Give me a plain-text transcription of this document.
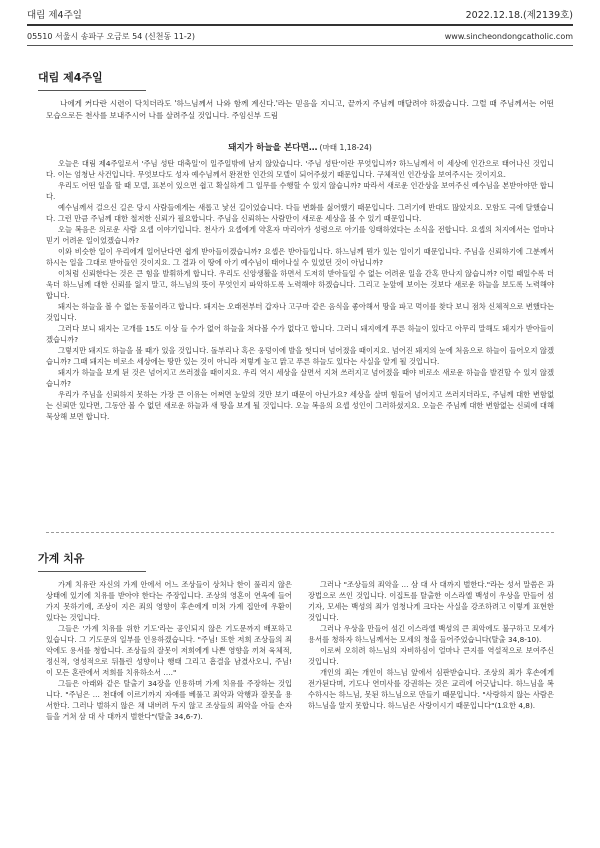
대림 제4주일	2022.12.18.(제2139호)
05510 서울시 송파구 오금로 54 (신천동 11-2)	www.sincheondongcatholic.com
대림 제4주일

나에게 커다란 시련이 닥치더라도 '하느님께서 나와 함께 계신다.'라는 믿음을 지니고, 끝까지 주님께 매달려야 하겠습니다. 그럴 때 주님께서는 어떤 모습으로든 천사를 보내주시어 나를 살려주실 것입니다. 주임신부 드림

돼지가 하늘을 본다면… (마태 1,18-24)

오늘은 대림 제4주일로서 '주님 성탄 대축일'이 일주일밖에 남지 않았습니다. '주님 성탄'이란 무엇입니까? 하느님께서 이 세상에 인간으로 태어나신 것입니다. 이는 엄청난 사건입니다. 무엇보다도 성자 예수님께서 완전한 인간의 모델이 되어주셨기 때문입니다. 구체적인 인간상을 보여주시는 것이지요.

우리도 어떤 일을 할 때 모델, 표본이 있으면 쉽고 확실하게 그 일무를 수행할 수 있지 않습니까? 따라서 새로운 인간상을 보여주신 예수님을 본받아야만 합니다.

예수님께서 걸으신 길은 당시 사람들에게는 새롭고 낯선 길이었습니다. 다들 변화를 싫어했기 때문입니다. 그러기에 반대도 많았지요. 모함도 극에 달했습니다. 그런 만큼 주님께 대한 철저한 신뢰가 필요합니다. 주님을 신뢰하는 사람만이 새로운 세상을 볼 수 있기 때문입니다.

오늘 복음은 의로운 사람 요셉 이야기입니다. 천사가 요셉에게 약혼자 마리아가 성령으로 아기를 잉태하였다는 소식을 전합니다. 요셉의 처지에서는 얼마나 믿기 어려운 일이었겠습니까?

이와 비슷한 일이 우리에게 일어난다면 쉽게 받아들이겠습니까? 요셉은 받아들입니다. 하느님께 뭔가 있는 일이기 때문입니다. 주님을 신뢰하기에 그분께서 하시는 일을 그대로 받아들인 것이지요. 그 결과 이 땅에 아기 예수님이 태어나실 수 있었던 것이 아닙니까?

이처럼 신뢰한다는 것은 큰 힘을 발휘하게 합니다. 우리도 신앙생활을 하면서 도저히 받아들일 수 없는 어려운 일을 간혹 만나지 않습니까? 이럴 때일수록 더욱더 하느님께 대한 신뢰를 잃지 말고, 하느님의 뜻이 무엇인지 파악하도록 노력해야 하겠습니다. 그리고 눈앞에 보이는 것보다 새로운 하늘을 보도록 노력해야 합니다.

돼지는 하늘을 볼 수 없는 동물이라고 합니다. 돼지는 오래전부터 갑자나 고구마 같은 음식을 좋아해서 땅을 파고 먹이를 찾다 보니 점차 신체적으로 변했다는 것입니다.

그러다 보니 돼지는 고개를 15도 이상 들 수가 없어 하늘을 쳐다볼 수가 없다고 합니다. 그러니 돼지에게 푸른 하늘이 있다고 아무리 말해도 돼지가 받아들이겠습니까?

그렇지만 돼지도 하늘을 볼 때가 있을 것입니다. 돌부리나 혹은 웅덩이에 발을 헛디뎌 넘어졌을 때이지요. 넘어진 돼지의 눈에 처음으로 하늘이 들어오지 않겠습니까? 그때 돼지는 비로소 세상에는 땅만 있는 것이 아니라 저렇게 높고 맑고 푸른 하늘도 있다는 사실을 알게 될 것입니다.

돼지가 하늘을 보게 된 것은 넘어지고 쓰러졌을 때이지요. 우리 역시 세상을 살면서 지쳐 쓰러지고 넘어졌을 때야 비로소 새로운 하늘을 발견할 수 있지 않겠습니까?

우리가 주님을 신뢰하지 못하는 가장 큰 이유는 어쩌면 눈앞의 것만 보기 때문이 아닌가요? 세상을 살며 힘들어 넘어지고 쓰러지더라도, 주님께 대한 변함없는 신뢰만 있다면, 그동안 볼 수 없던 새로운 하늘과 새 땅을 보게 될 것입니다. 오늘 복음의 요셉 성인이 그러하셨지요. 오늘은 주님께 대한 변함없는 신뢰에 대해 묵상해 보면 합니다.

가계 치유

가계 치유란 자신의 가계 안에서 어느 조상들이 상처나 한이 풀리지 않은 상태에 있기에 치유를 받아야 한다는 주장입니다. 조상의 영혼이 연옥에 들어가지 못하기에, 조상이 지은 죄의 영향이 후손에게 미쳐 가계 집안에 우환이 있다는 것입니다.

그들은 '가계 치유를 위한 기도'라는 공인되지 않은 기도문까지 배포하고 있습니다. 그 기도문의 일부를 인용하겠습니다. "주님! 또한 저희 조상들의 죄악에도 용서를 청합니다. 조상들의 잘못이 저희에게 나쁜 영향을 끼쳐 육체적, 정신적, 영성적으로 뒤틀린 성향이나 행태 그리고 흠결을 남겼사오니, 주님! 이 모든 혼란에서 저희를 치유하소서 …."

그들은 아래와 같은 탈출기 34장을 인용하며 가계 치유를 주장하는 것입니다. "주님은 … 천대에 이르기까지 자애를 베풀고 죄악과 악행과 잘못을 용서한다. 그러나 벌하지 않은 채 내버려 두지 않고 조상들의 죄악을 아들 손자들을 거쳐 삼 대 사 대까지 벌한다"(탈출 34,6-7).

그러나 "조상들의 죄악을 … 삼 대 사 대까지 벌한다."라는 성서 말씀은 과장법으로 쓰인 것입니다. 이집트를 탈출한 이스라엘 백성이 우상을 만들어 섬기자, 모세는 백성의 죄가 엄청나게 크다는 사실을 강조하려고 이렇게 표현한 것입니다.

그러나 우상을 만들어 섬긴 이스라엘 백성의 큰 죄악에도 불구하고 모세가 용서를 청하자 하느님께서는 모세의 청을 들어주었습니다(탈출 34,8-10).

이로써 오히려 하느님의 자비하심이 얼마나 큰지를 역설적으로 보여주신 것입니다.

개인의 죄는 개인이 하느님 앞에서 심판받습니다. 조상의 죄가 후손에게 전가된다며, 기도나 연미사를 강권하는 것은 교리에 어긋납니다. 하느님을 복수하시는 하느님, 못된 하느님으로 만들기 때문입니다. "사랑하지 않는 사람은 하느님을 알지 못합니다. 하느님은 사랑이시기 때문입니다"(1요한 4,8).
